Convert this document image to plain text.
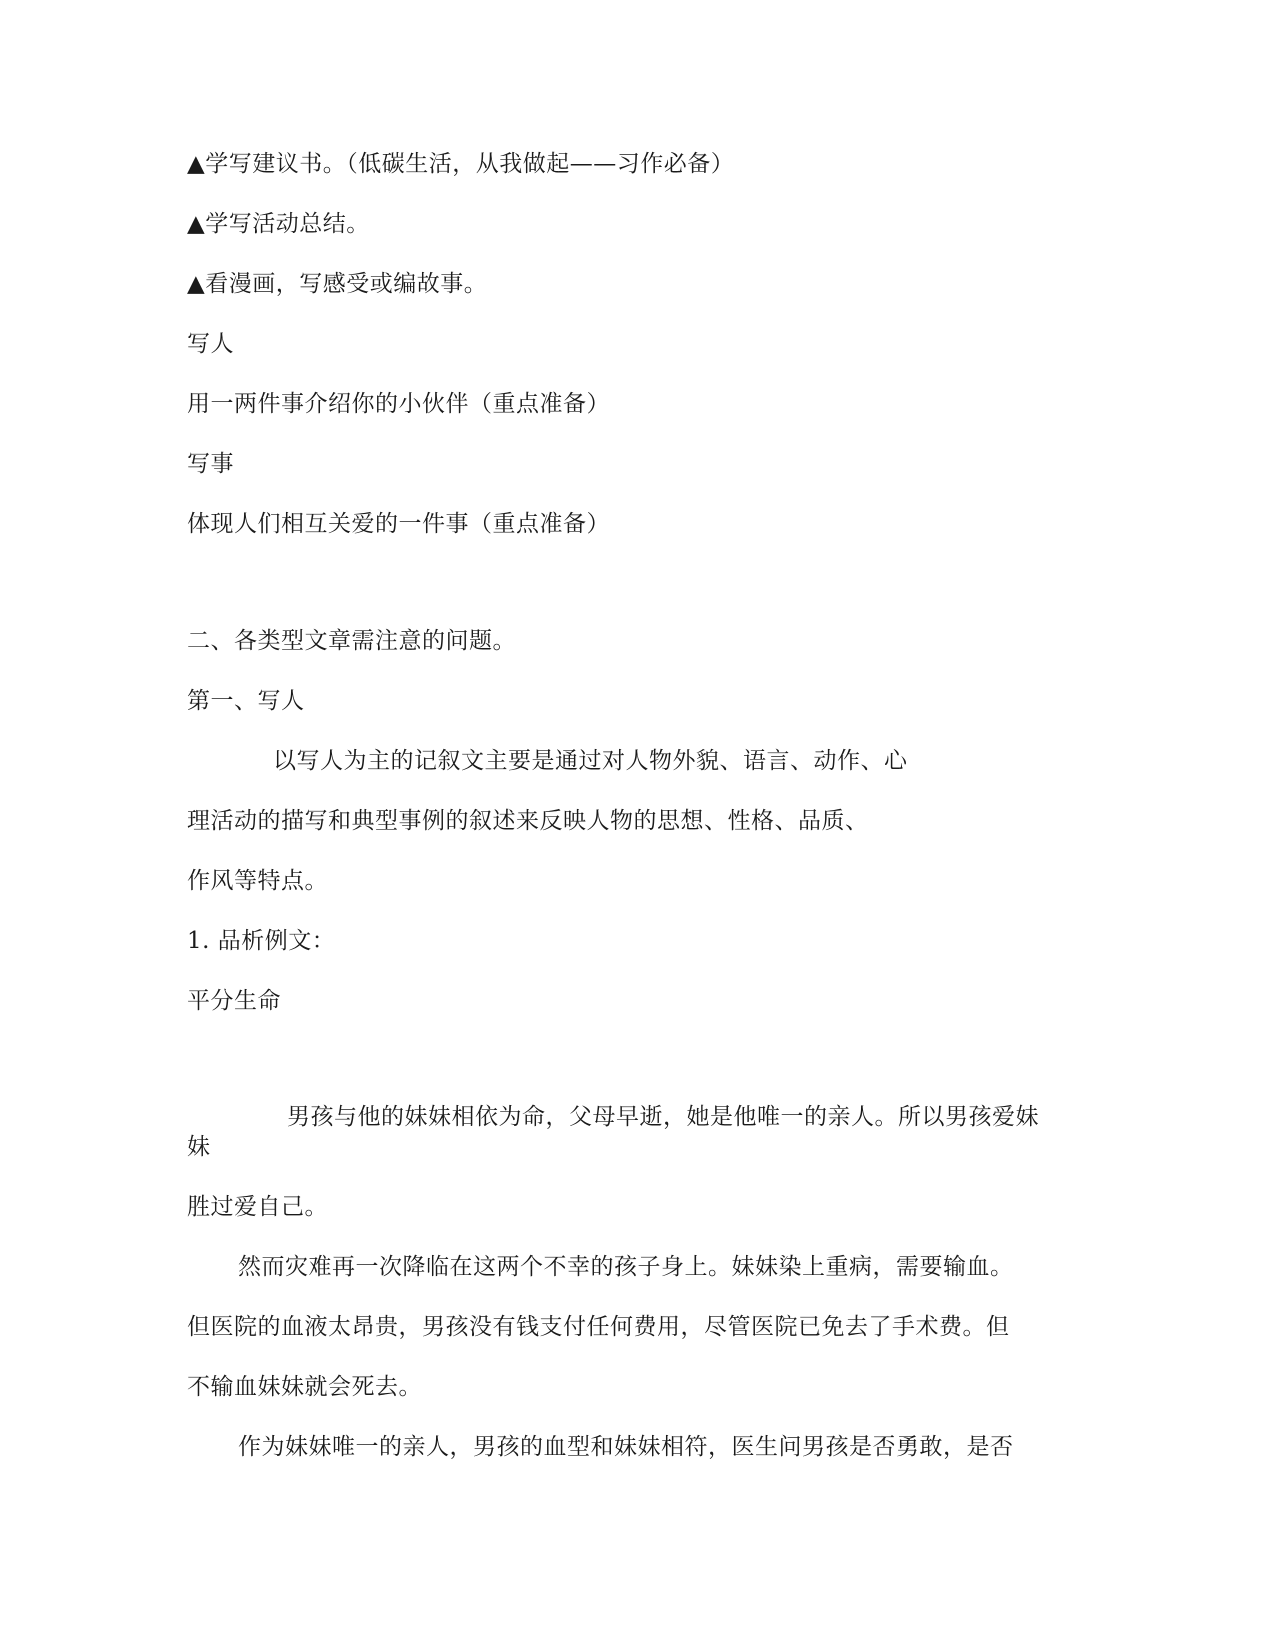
▲学写建议书。（低碳生活，从我做起——习作必备）
▲学写活动总结。
▲看漫画，写感受或编故事。
写人
用一两件事介绍你的小伙伴（重点准备）
写事
体现人们相互关爱的一件事（重点准备）
二、各类型文章需注意的问题。
第一、写人
以写人为主的记叙文主要是通过对人物外貌、语言、动作、心
理活动的描写和典型事例的叙述来反映人物的思想、性格、品质、
作风等特点。
1. 品析例文：
平分生命
男孩与他的妹妹相依为命，父母早逝，她是他唯一的亲人。所以男孩爱妹
妹
胜过爱自己。
然而灾难再一次降临在这两个不幸的孩子身上。妹妹染上重病，需要输血。
但医院的血液太昂贵，男孩没有钱支付任何费用，尽管医院已免去了手术费。但
不输血妹妹就会死去。
作为妹妹唯一的亲人，男孩的血型和妹妹相符，医生问男孩是否勇敢，是否
